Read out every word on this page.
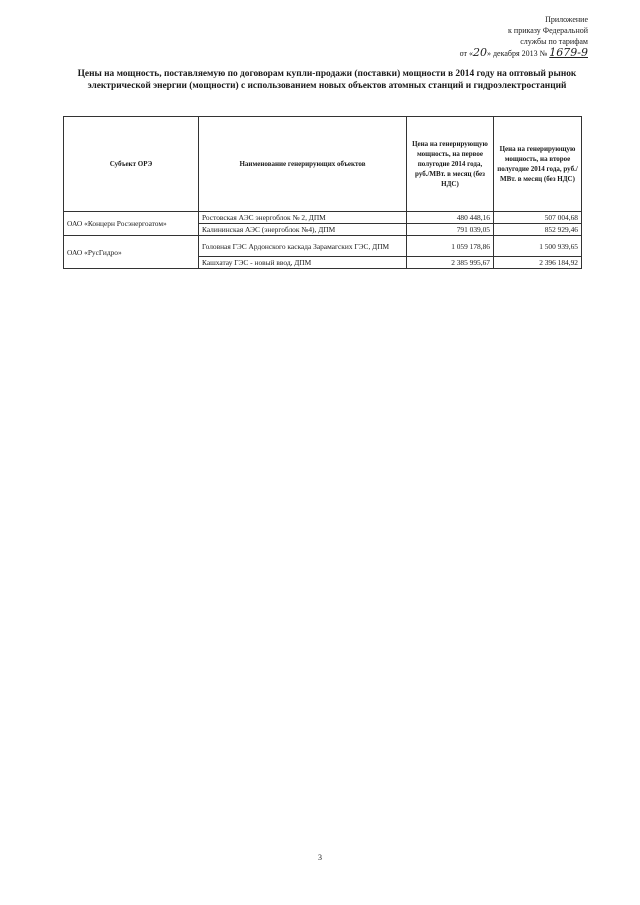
Приложение
к приказу Федеральной
службы по тарифам
от «20» декабря 2013 № 1679-9
Цены на мощность, поставляемую по договорам купли-продажи (поставки) мощности в 2014 году на оптовый рынок электрической энергии (мощности) с использованием новых объектов атомных станций и гидроэлектростанций
Субъект ОРЭ	Наименование генерирующих объектов	Цена на генерирующую мощность, на первое полугодие 2014 года, руб./МВт. в месяц (без НДС)	Цена на генерирующую мощность, на второе полугодие 2014 года, руб./МВт. в месяц (без НДС)
ОАО «Концерн Росэнергоатом»	Ростовская АЭС энергоблок № 2, ДПМ	480 448,16	507 004,68
	Калининская АЭС (энергоблок №4), ДПМ	791 039,05	852 929,46
ОАО «РусГидро»	Головная ГЭС Ардонского каскада Зарамагских ГЭС, ДПМ	1 059 178,86	1 500 939,65
	Кашхатау ГЭС - новый ввод, ДПМ	2 385 995,67	2 396 184,92
3
